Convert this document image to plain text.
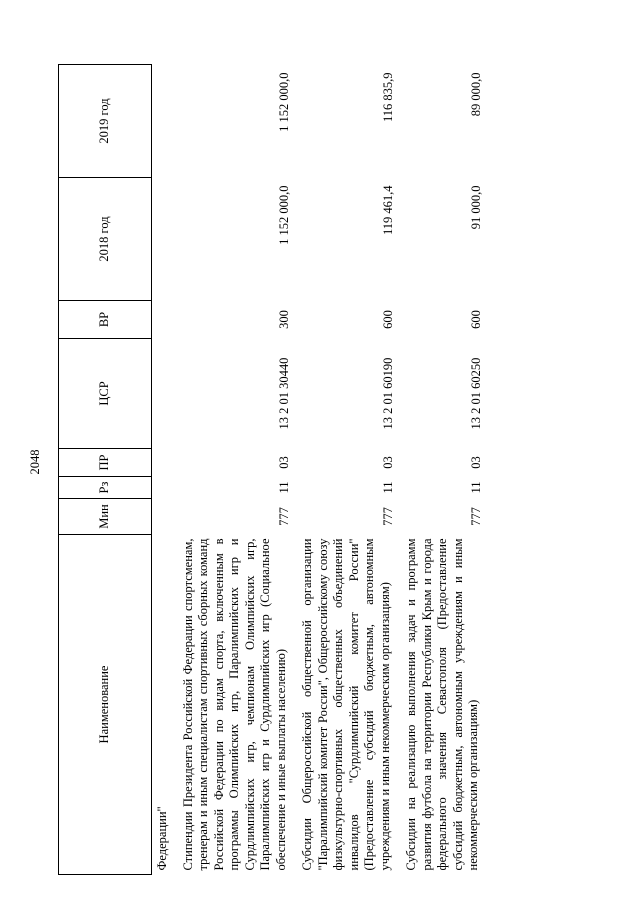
2048
Наименование	Мин	Рз	ПР	ЦСР	ВР	2018 год	2019 год
Федерации"							
Стипендии Президента Российской Федерации спортсменам, тренерам и иным специалистам спортивных сборных команд Российской Федерации по видам спорта, включенным в программы Олимпийских игр, Паралимпийских игр и Сурдлимпийских игр, чемпионам Олимпийских игр, Паралимпийских игр и Сурдлимпийских игр (Социальное обеспечение и иные выплаты населению)	777	11	03	13 2 01 30440	300	1 152 000,0	1 152 000,0
Субсидии Общероссийской общественной организации "Паралимпийский комитет России", Общероссийскому союзу физкультурно-спортивных общественных объединений инвалидов "Сурдлимпийский комитет России" (Предоставление субсидий бюджетным, автономным учреждениям и иным некоммерческим организациям)	777	11	03	13 2 01 60190	600	119 461,4	116 835,9
Субсидии на реализацию выполнения задач и программ развития футбола на территории Республики Крым и города федерального значения Севастополя (Предоставление субсидий бюджетным, автономным учреждениям и иным некоммерческим организациям)	777	11	03	13 2 01 60250	600	91 000,0	89 000,0
